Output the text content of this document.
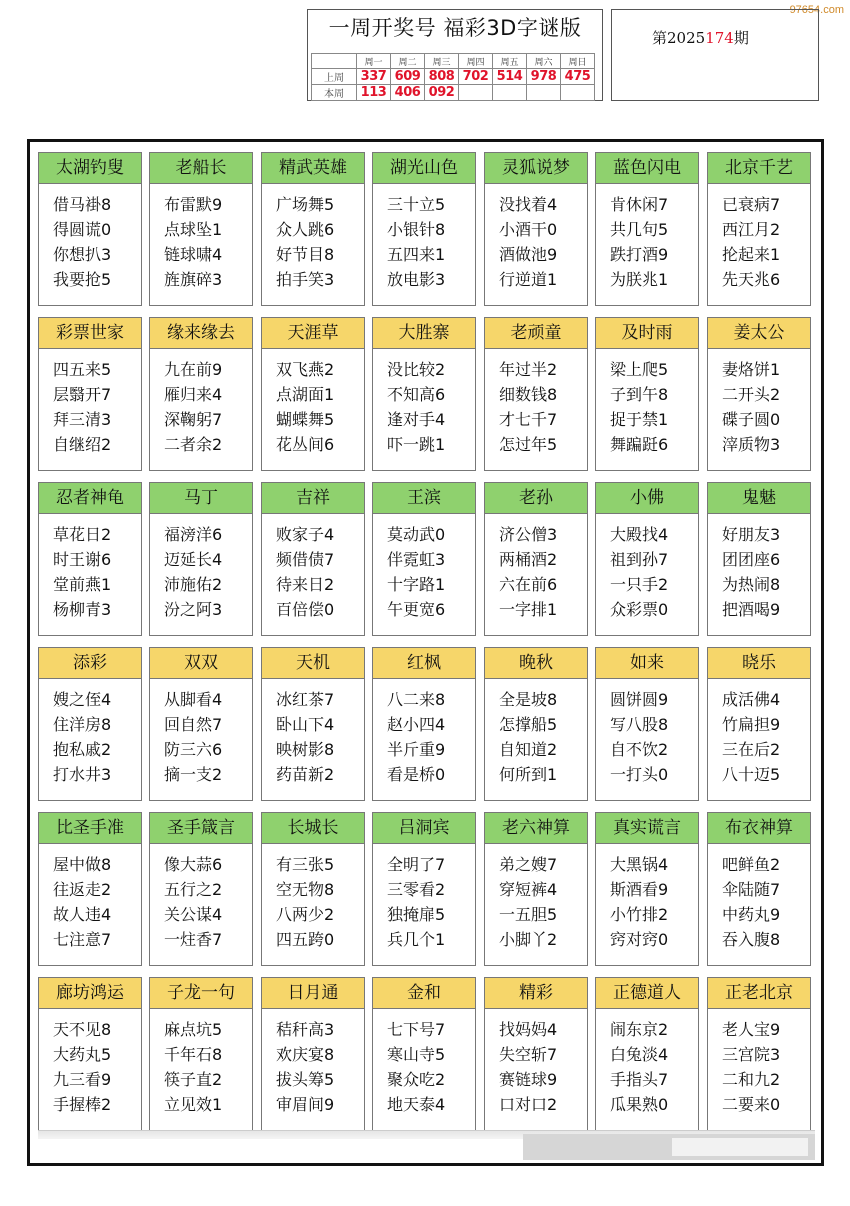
97654.com
一周开奖号 福彩3D字谜版
	周一	周二	周三	周四	周五	周六	周日
上周	337	609	808	702	514	978	475
本周	113	406	092				
第2025174期
太湖钓叟
借马褂8
得圆谎0
你想扒3
我要抢5
老船长
布雷默9
点球坠1
链球啸4
旌旗碎3
精武英雄
广场舞5
众人跳6
好节目8
拍手笑3
湖光山色
三十立5
小银针8
五四来1
放电影3
灵狐说梦
没找着4
小酒干0
酒做池9
行逆道1
蓝色闪电
肯休闲7
共几句5
跌打酒9
为朕兆1
北京千艺
已衰病7
西江月2
抡起来1
先天兆6
彩票世家
四五来5
层翳开7
拜三清3
自继绍2
缘来缘去
九在前9
雁归来4
深鞠躬7
二者余2
天涯草
双飞燕2
点湖面1
蝴蝶舞5
花丛间6
大胜寨
没比较2
不知高6
逢对手4
吓一跳1
老顽童
年过半2
细数钱8
才七千7
怎过年5
及时雨
梁上爬5
子到午8
捉于禁1
舞蹁跹6
姜太公
妻烙饼1
二开头2
碟子圆0
滓质物3
忍者神龟
草花日2
时王谢6
堂前燕1
杨柳青3
马丁
福滂洋6
迈延长4
沛施佑2
汾之阿3
吉祥
败家子4
频借债7
待来日2
百倍偿0
王滨
莫动武0
伴霓虹3
十字路1
午更宽6
老孙
济公僧3
两桶酒2
六在前6
一字排1
小佛
大殿找4
祖到孙7
一只手2
众彩票0
鬼魅
好朋友3
团团座6
为热闹8
把酒喝9
添彩
嫂之侄4
住洋房8
抱私戚2
打水井3
双双
从脚看4
回自然7
防三六6
摘一支2
天机
冰红茶7
卧山下4
映树影8
药苗新2
红枫
八二来8
赵小四4
半斤重9
看是桥0
晚秋
全是坡8
怎撑船5
自知道2
何所到1
如来
圆饼圆9
写八股8
自不饮2
一打头0
晓乐
成活佛4
竹扁担9
三在后2
八十迈5
比圣手准
屋中做8
往返走2
故人违4
七注意7
圣手箴言
像大蒜6
五行之2
关公谋4
一炷香7
长城长
有三张5
空无物8
八两少2
四五跨0
吕洞宾
全明了7
三零看2
独掩扉5
兵几个1
老六神算
弟之嫂7
穿短裤4
一五胆5
小脚丫2
真实谎言
大黑锅4
斯酒看9
小竹排2
窍对窍0
布衣神算
吧鲜鱼2
伞陆随7
中药丸9
吞入腹8
廊坊鸿运
天不见8
大药丸5
九三看9
手握棒2
子龙一句
麻点坑5
千年石8
筷子直2
立见效1
日月通
秸秆高3
欢庆宴8
拔头筹5
审眉间9
金和
七下号7
寒山寺5
聚众吃2
地天泰4
精彩
找妈妈4
失空斩7
赛链球9
口对口2
正德道人
闹东京2
白兔淡4
手指头7
瓜果熟0
正老北京
老人宝9
三宫院3
二和九2
二要来0
